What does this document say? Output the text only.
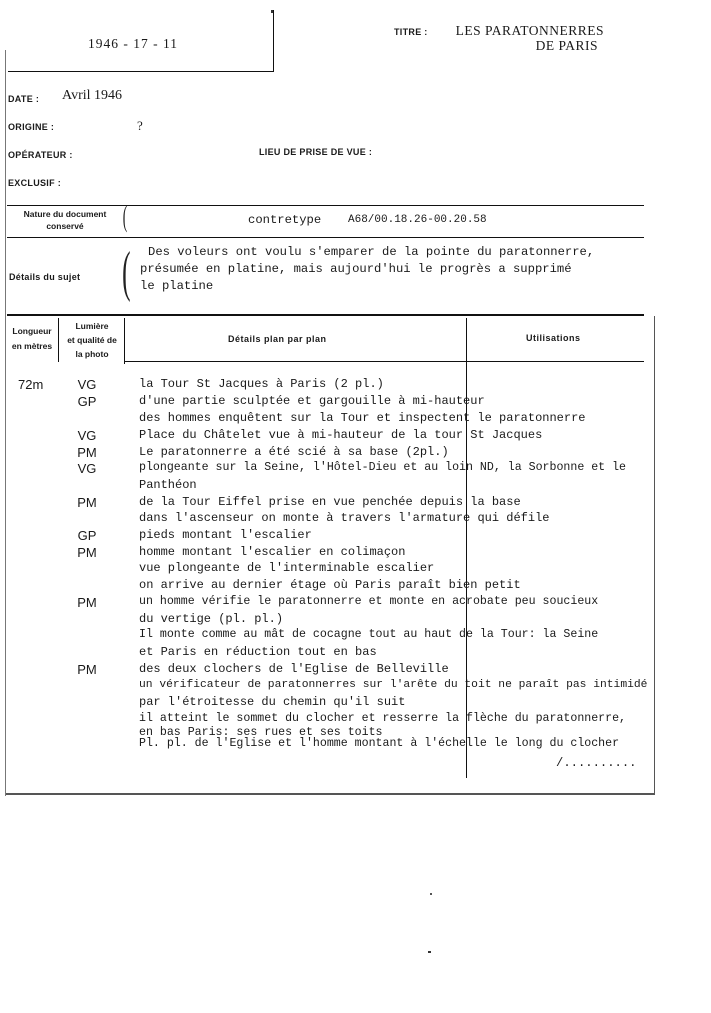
1946 - 17 - 11
TITRE :	LES PARATONNERRES
DE PARIS
DATE : Avril 1946
ORIGINE :	?
OPÉRATEUR :	LIEU DE PRISE DE VUE :
EXCLUSIF :
Nature du document
conservé	(	contretype A68/00.18.26-00.20.58
Détails du sujet ( Des voleurs ont voulu s'emparer de la pointe du paratonnerre,
présumée en platine, mais aujourd'hui le progrès a supprimé
le platine
Longueur
en mètres
Lumière
et qualité de
la photo
Détails plan par plan	Utilisations
72m	VG	la Tour St Jacques à Paris (2 pl.)
GP	d'une partie sculptée et gargouille à mi-hauteur
des hommes enquêtent sur la Tour et inspectent le paratonnerre
VG	Place du Châtelet vue à mi-hauteur de la tour St Jacques
PM	Le paratonnerre a été scié à sa base (2pl.)
VG	plongeante sur la Seine, l'Hôtel-Dieu et au loin ND, la Sorbonne et le
Panthéon
PM	de la Tour Eiffel prise en vue penchée depuis la base
dans l'ascenseur on monte à travers l'armature qui défile
GP	pieds montant l'escalier
PM	homme montant l'escalier en colimaçon
vue plongeante de l'interminable escalier
on arrive au dernier étage où Paris paraît bien petit
PM	un homme vérifie le paratonnerre et monte en acrobate peu soucieux
du vertige (pl. pl.)
Il monte comme au mât de cocagne tout au haut de la Tour: la Seine
et Paris en réduction tout en bas
PM	des deux clochers de l'Eglise de Belleville
un vérificateur de paratonnerres sur l'arête du toit ne paraît pas intimidé
par l'étroitesse du chemin qu'il suit
il atteint le sommet du clocher et resserre la flèche du paratonnerre,
en bas Paris: ses rues et ses toits
Pl. pl. de l'Eglise et l'homme montant à l'échelle le long du clocher
/..........
